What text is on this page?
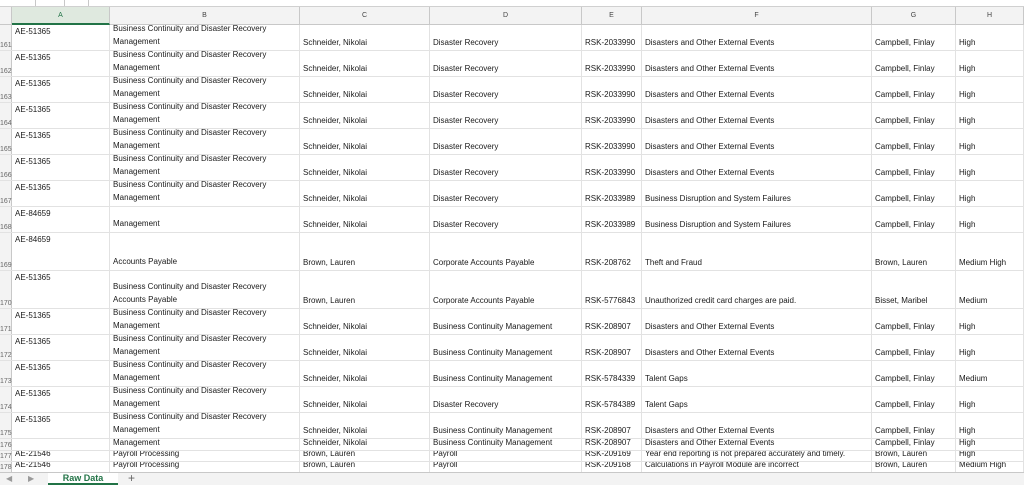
A	B	C	D	E	F	G	H
161
AE-51365	Business Continuity and Disaster Recovery
Management	Schneider, Nikolai	Disaster Recovery	RSK-2033990 Disasters and Other External Events	Campbell, Finlay	High
162
AE-51365	Business Continuity and Disaster Recovery
Management	Schneider, Nikolai	Disaster Recovery	RSK-2033990 Disasters and Other External Events	Campbell, Finlay	High
163
AE-51365	Business Continuity and Disaster Recovery
Management	Schneider, Nikolai	Disaster Recovery	RSK-2033990 Disasters and Other External Events	Campbell, Finlay	High
164
AE-51365	Business Continuity and Disaster Recovery
Management	Schneider, Nikolai	Disaster Recovery	RSK-2033990 Disasters and Other External Events	Campbell, Finlay	High
165
AE-51365	Business Continuity and Disaster Recovery
Management	Schneider, Nikolai	Disaster Recovery	RSK-2033990 Disasters and Other External Events	Campbell, Finlay	High
166
AE-51365	Business Continuity and Disaster Recovery
Management	Schneider, Nikolai	Disaster Recovery	RSK-2033990 Disasters and Other External Events	Campbell, Finlay	High
167
AE-51365	Business Continuity and Disaster Recovery
Management	Schneider, Nikolai	Disaster Recovery	RSK-2033989 Business Disruption and System Failures	Campbell, Finlay	High
168
AE-84659
Management	Schneider, Nikolai	Disaster Recovery	RSK-2033989 Business Disruption and System Failures	Campbell, Finlay	High
169
AE-84659
Accounts Payable	Brown, Lauren	Corporate Accounts Payable	RSK-208762 Theft and Fraud	Brown, Lauren	Medium High
170
AE-51365
Business Continuity and Disaster Recovery
Accounts Payable	Brown, Lauren	Corporate Accounts Payable	RSK-5776843 Unauthorized credit card charges are paid.	Bisset, Maribel	Medium
171
AE-51365	Business Continuity and Disaster Recovery
Management	Schneider, Nikolai	Business Continuity Management	RSK-208907 Disasters and Other External Events	Campbell, Finlay	High
172
AE-51365	Business Continuity and Disaster Recovery
Management	Schneider, Nikolai	Business Continuity Management	RSK-208907 Disasters and Other External Events	Campbell, Finlay	High
173
AE-51365	Business Continuity and Disaster Recovery
Management	Schneider, Nikolai	Business Continuity Management	RSK-5784339 Talent Gaps	Campbell, Finlay	Medium
174
AE-51365	Business Continuity and Disaster Recovery
Management	Schneider, Nikolai	Disaster Recovery	RSK-5784389 Talent Gaps	Campbell, Finlay	High
175
AE-51365	Business Continuity and Disaster Recovery
Management	Schneider, Nikolai	Business Continuity Management	RSK-208907 Disasters and Other External Events	Campbell, Finlay	High
176	Management	Schneider, Nikolai	Business Continuity Management	RSK-208907 Disasters and Other External Events	Campbell, Finlay	High
177 AE-21546	Payroll Processing	Brown, Lauren	Payroll	RSK-209169 Year end reporting is not prepared accurately and timely.	Brown, Lauren	High
178 AE-21546	Payroll Processing	Brown, Lauren	Payroll	RSK-209168 Calculations in Payroll Module are incorrect	Brown, Lauren	Medium High
◀ ▶	Raw Data	+
